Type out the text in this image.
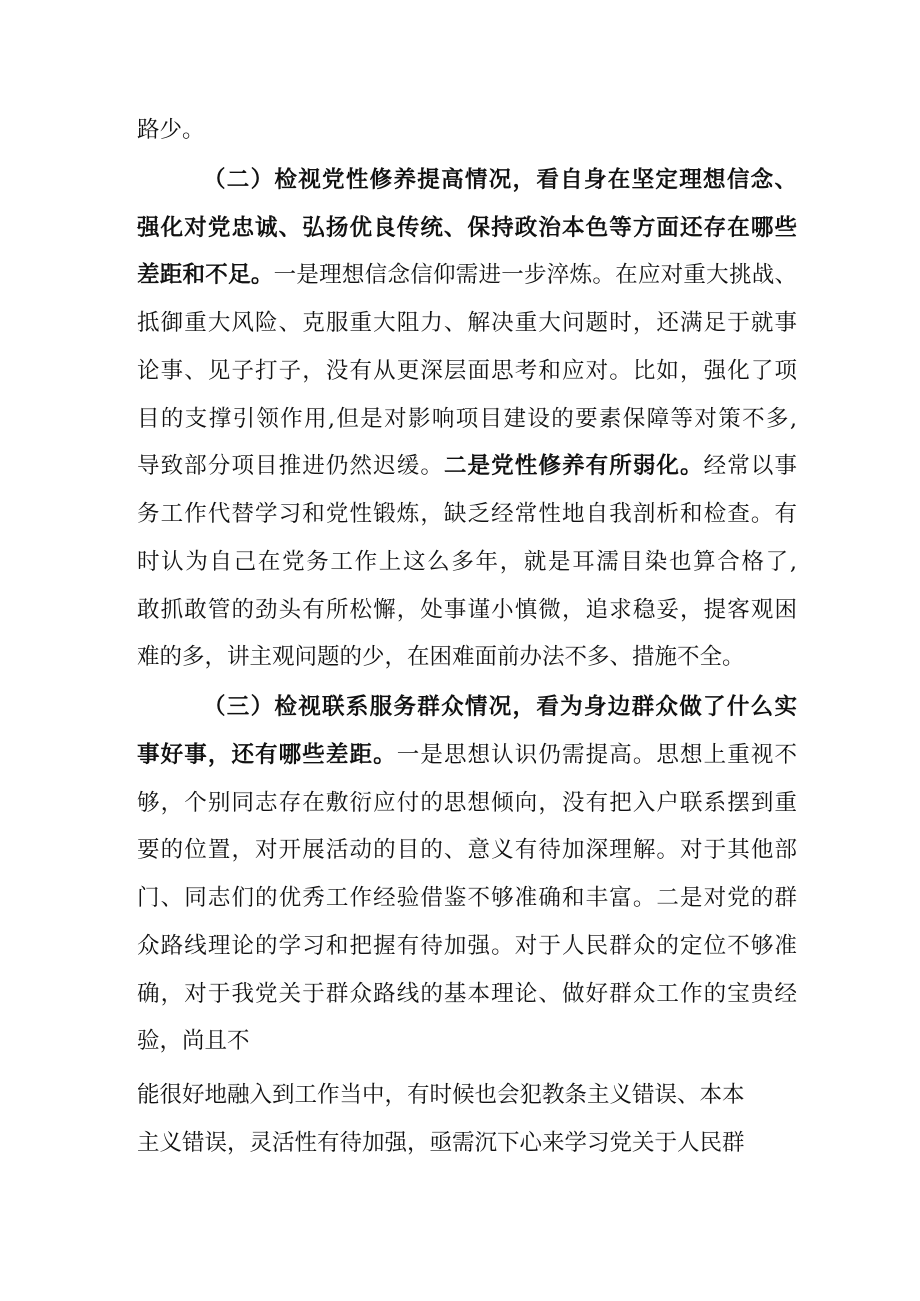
路少。
（二）检视党性修养提高情况，看自身在坚定理想信念、
强化对党忠诚、弘扬优良传统、保持政治本色等方面还存在哪些
差距和不足。一是理想信念信仰需进一步淬炼。在应对重大挑战、
抵御重大风险、克服重大阻力、解决重大问题时，还满足于就事
论事、见子打子，没有从更深层面思考和应对。比如，强化了项
目的支撑引领作用,但是对影响项目建设的要素保障等对策不多,
导致部分项目推进仍然迟缓。二是党性修养有所弱化。经常以事
务工作代替学习和党性锻炼，缺乏经常性地自我剖析和检查。有
时认为自己在党务工作上这么多年，就是耳濡目染也算合格了,
敢抓敢管的劲头有所松懈，处事谨小慎微，追求稳妥，提客观困
难的多，讲主观问题的少，在困难面前办法不多、措施不全。
（三）检视联系服务群众情况，看为身边群众做了什么实
事好事，还有哪些差距。一是思想认识仍需提高。思想上重视不
够，个别同志存在敷衍应付的思想倾向，没有把入户联系摆到重
要的位置，对开展活动的目的、意义有待加深理解。对于其他部
门、同志们的优秀工作经验借鉴不够准确和丰富。二是对党的群
众路线理论的学习和把握有待加强。对于人民群众的定位不够准
确，对于我党关于群众路线的基本理论、做好群众工作的宝贵经
验，尚且不
能很好地融入到工作当中，有时候也会犯教条主义错误、本本
主义错误，灵活性有待加强，亟需沉下心来学习党关于人民群
